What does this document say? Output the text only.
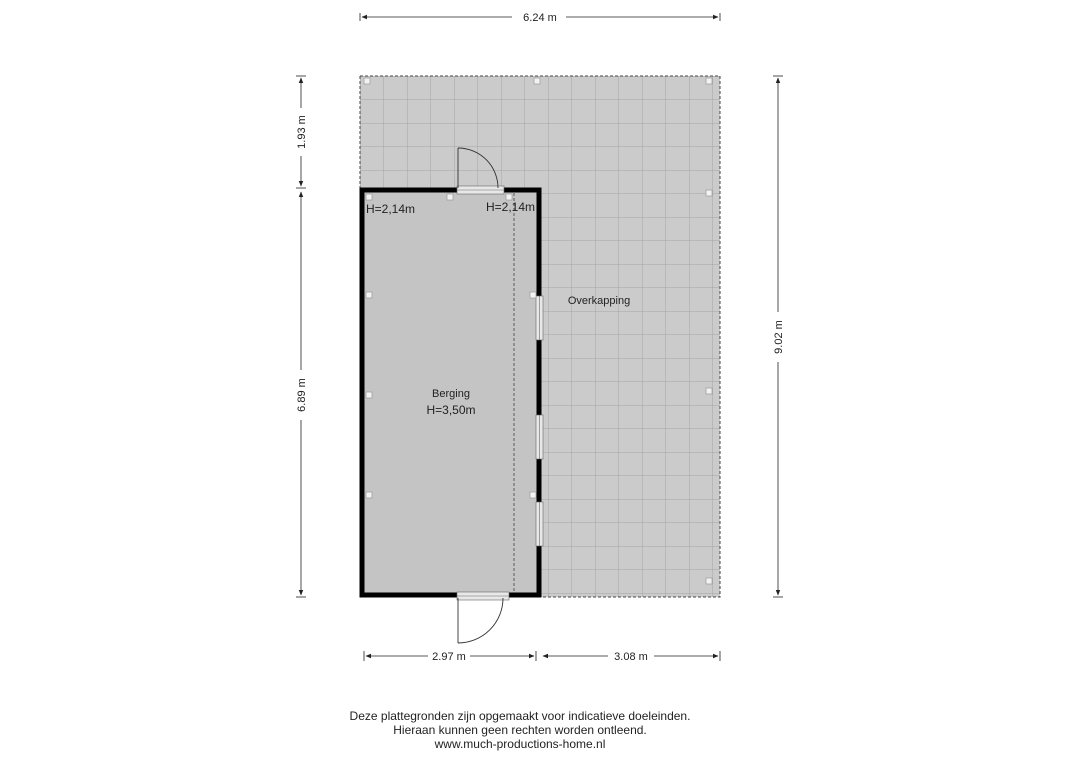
H=2,14m	H=2,14m
Berging
H=3,50m
Overkapping
6.24 m
1.93 m
6.89 m
9.02 m
2.97 m	3.08 m
Deze plattegronden zijn opgemaakt voor indicatieve doeleinden.
Hieraan kunnen geen rechten worden ontleend.
www.much-productions-home.nl
